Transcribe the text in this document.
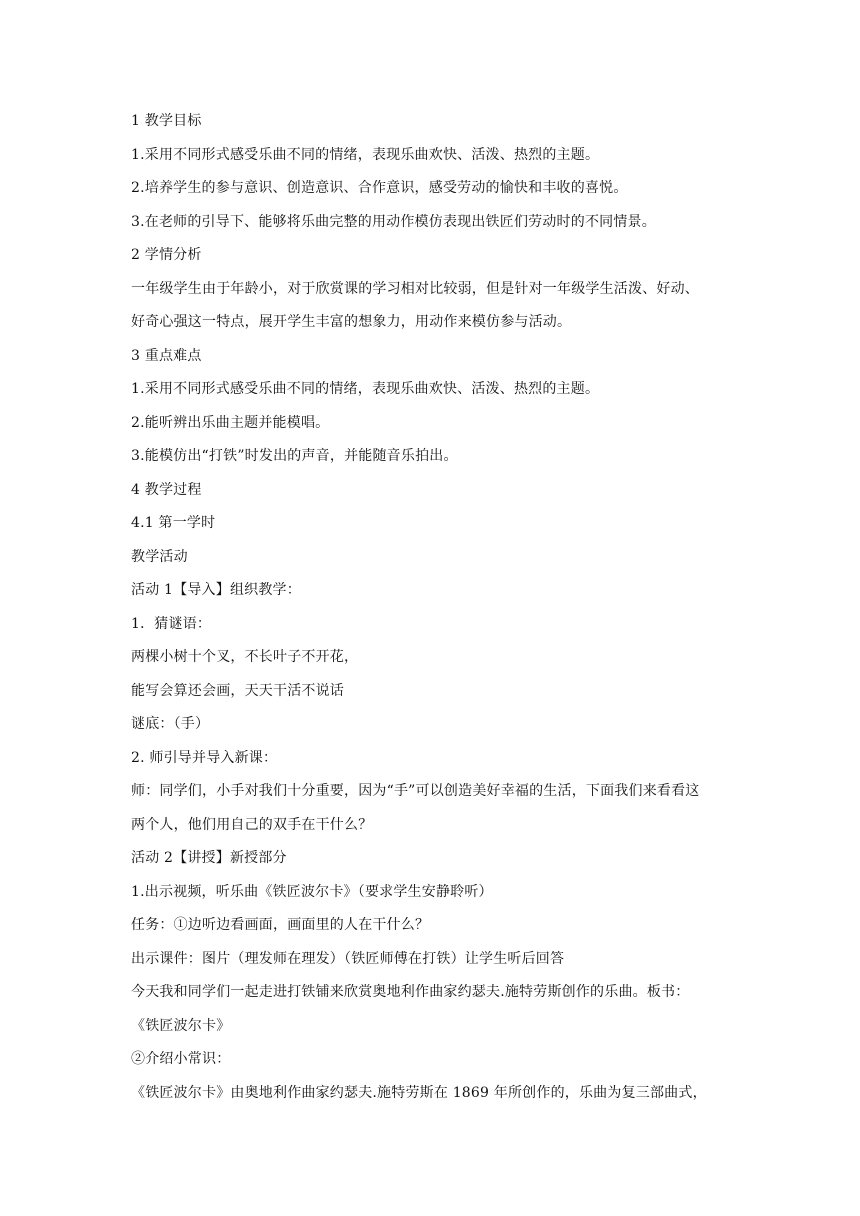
1 教学目标
1.采用不同形式感受乐曲不同的情绪，表现乐曲欢快、活泼、热烈的主题。
2.培养学生的参与意识、创造意识、合作意识，感受劳动的愉快和丰收的喜悦。
3.在老师的引导下、能够将乐曲完整的用动作模仿表现出铁匠们劳动时的不同情景。
2 学情分析
一年级学生由于年龄小，对于欣赏课的学习相对比较弱，但是针对一年级学生活泼、好动、
好奇心强这一特点，展开学生丰富的想象力，用动作来模仿参与活动。
3 重点难点
1.采用不同形式感受乐曲不同的情绪，表现乐曲欢快、活泼、热烈的主题。
2.能听辨出乐曲主题并能模唱。
3.能模仿出“打铁”时发出的声音，并能随音乐拍出。
4 教学过程
4.1 第一学时
教学活动
活动 1【导入】组织教学：
1．猜谜语：
两棵小树十个叉，不长叶子不开花，
能写会算还会画，天天干活不说话
谜底：（手）
2. 师引导并导入新课：
师：同学们，小手对我们十分重要，因为“手”可以创造美好幸福的生活，下面我们来看看这
两个人，他们用自己的双手在干什么？
活动 2【讲授】新授部分
1.出示视频，听乐曲《铁匠波尔卡》（要求学生安静聆听）
任务：①边听边看画面，画面里的人在干什么？
出示课件：图片（理发师在理发）（铁匠师傅在打铁）让学生听后回答
今天我和同学们一起走进打铁铺来欣赏奥地利作曲家约瑟夫.施特劳斯创作的乐曲。板书：
《铁匠波尔卡》
②介绍小常识：
《铁匠波尔卡》由奥地利作曲家约瑟夫.施特劳斯在 1869 年所创作的，乐曲为复三部曲式，
